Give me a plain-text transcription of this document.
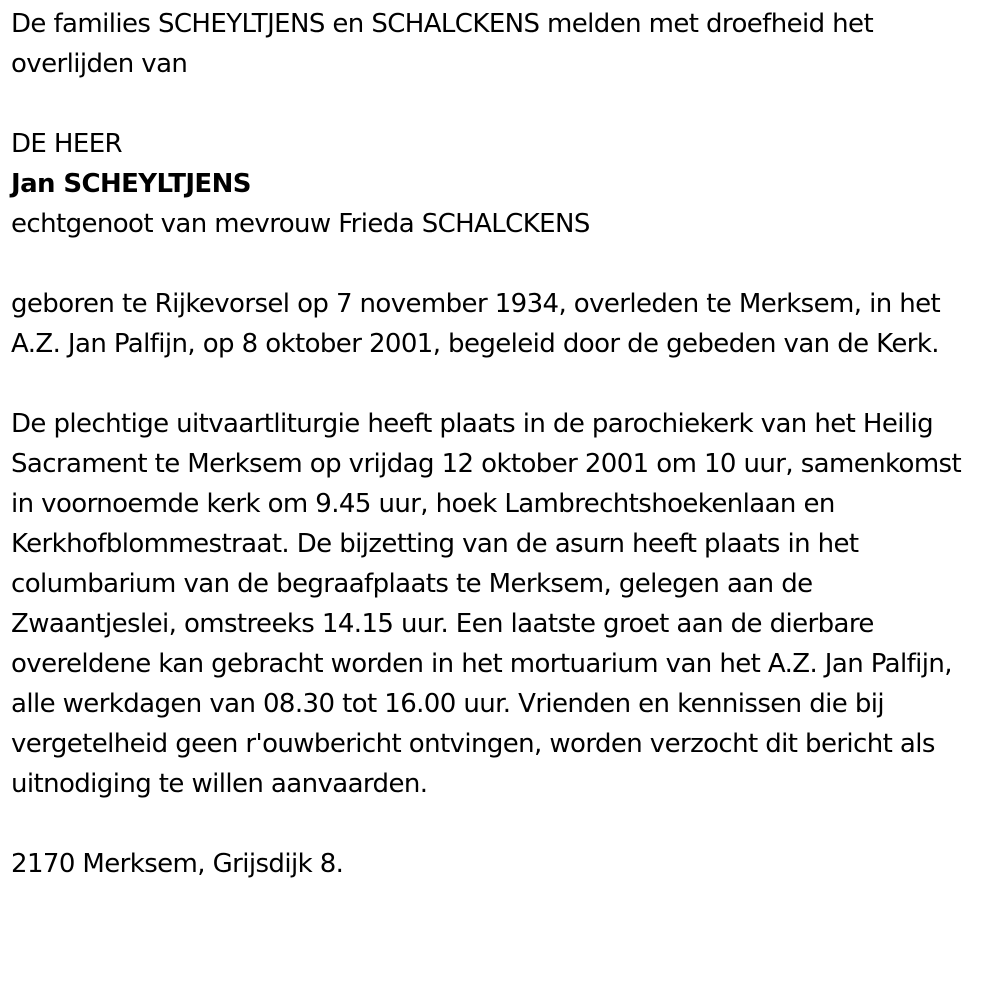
De families SCHEYLTJENS en SCHALCKENS melden met droefheid het overlijden van

DE HEER

Jan SCHEYLTJENS

echtgenoot van mevrouw Frieda SCHALCKENS

geboren te Rijkevorsel op 7 november 1934, overleden te Merksem, in het A.Z. Jan Palfijn, op 8 oktober 2001, begeleid door de gebeden van de Kerk.

De plechtige uitvaartliturgie heeft plaats in de parochiekerk van het Heilig Sacrament te Merksem op vrijdag 12 oktober 2001 om 10 uur, samenkomst in voornoemde kerk om 9.45 uur, hoek Lambrechtshoekenlaan en Kerkhofblommestraat. De bijzetting van de asurn heeft plaats in het columbarium van de begraafplaats te Merksem, gelegen aan de Zwaantjeslei, omstreeks 14.15 uur. Een laatste groet aan de dierbare overeldene kan gebracht worden in het mortuarium van het A.Z. Jan Palfijn, alle werkdagen van 08.30 tot 16.00 uur. Vrienden en kennissen die bij vergetelheid geen r'ouwbericht ontvingen, worden verzocht dit bericht als uitnodiging te willen aanvaarden.

2170 Merksem, Grijsdijk 8.
